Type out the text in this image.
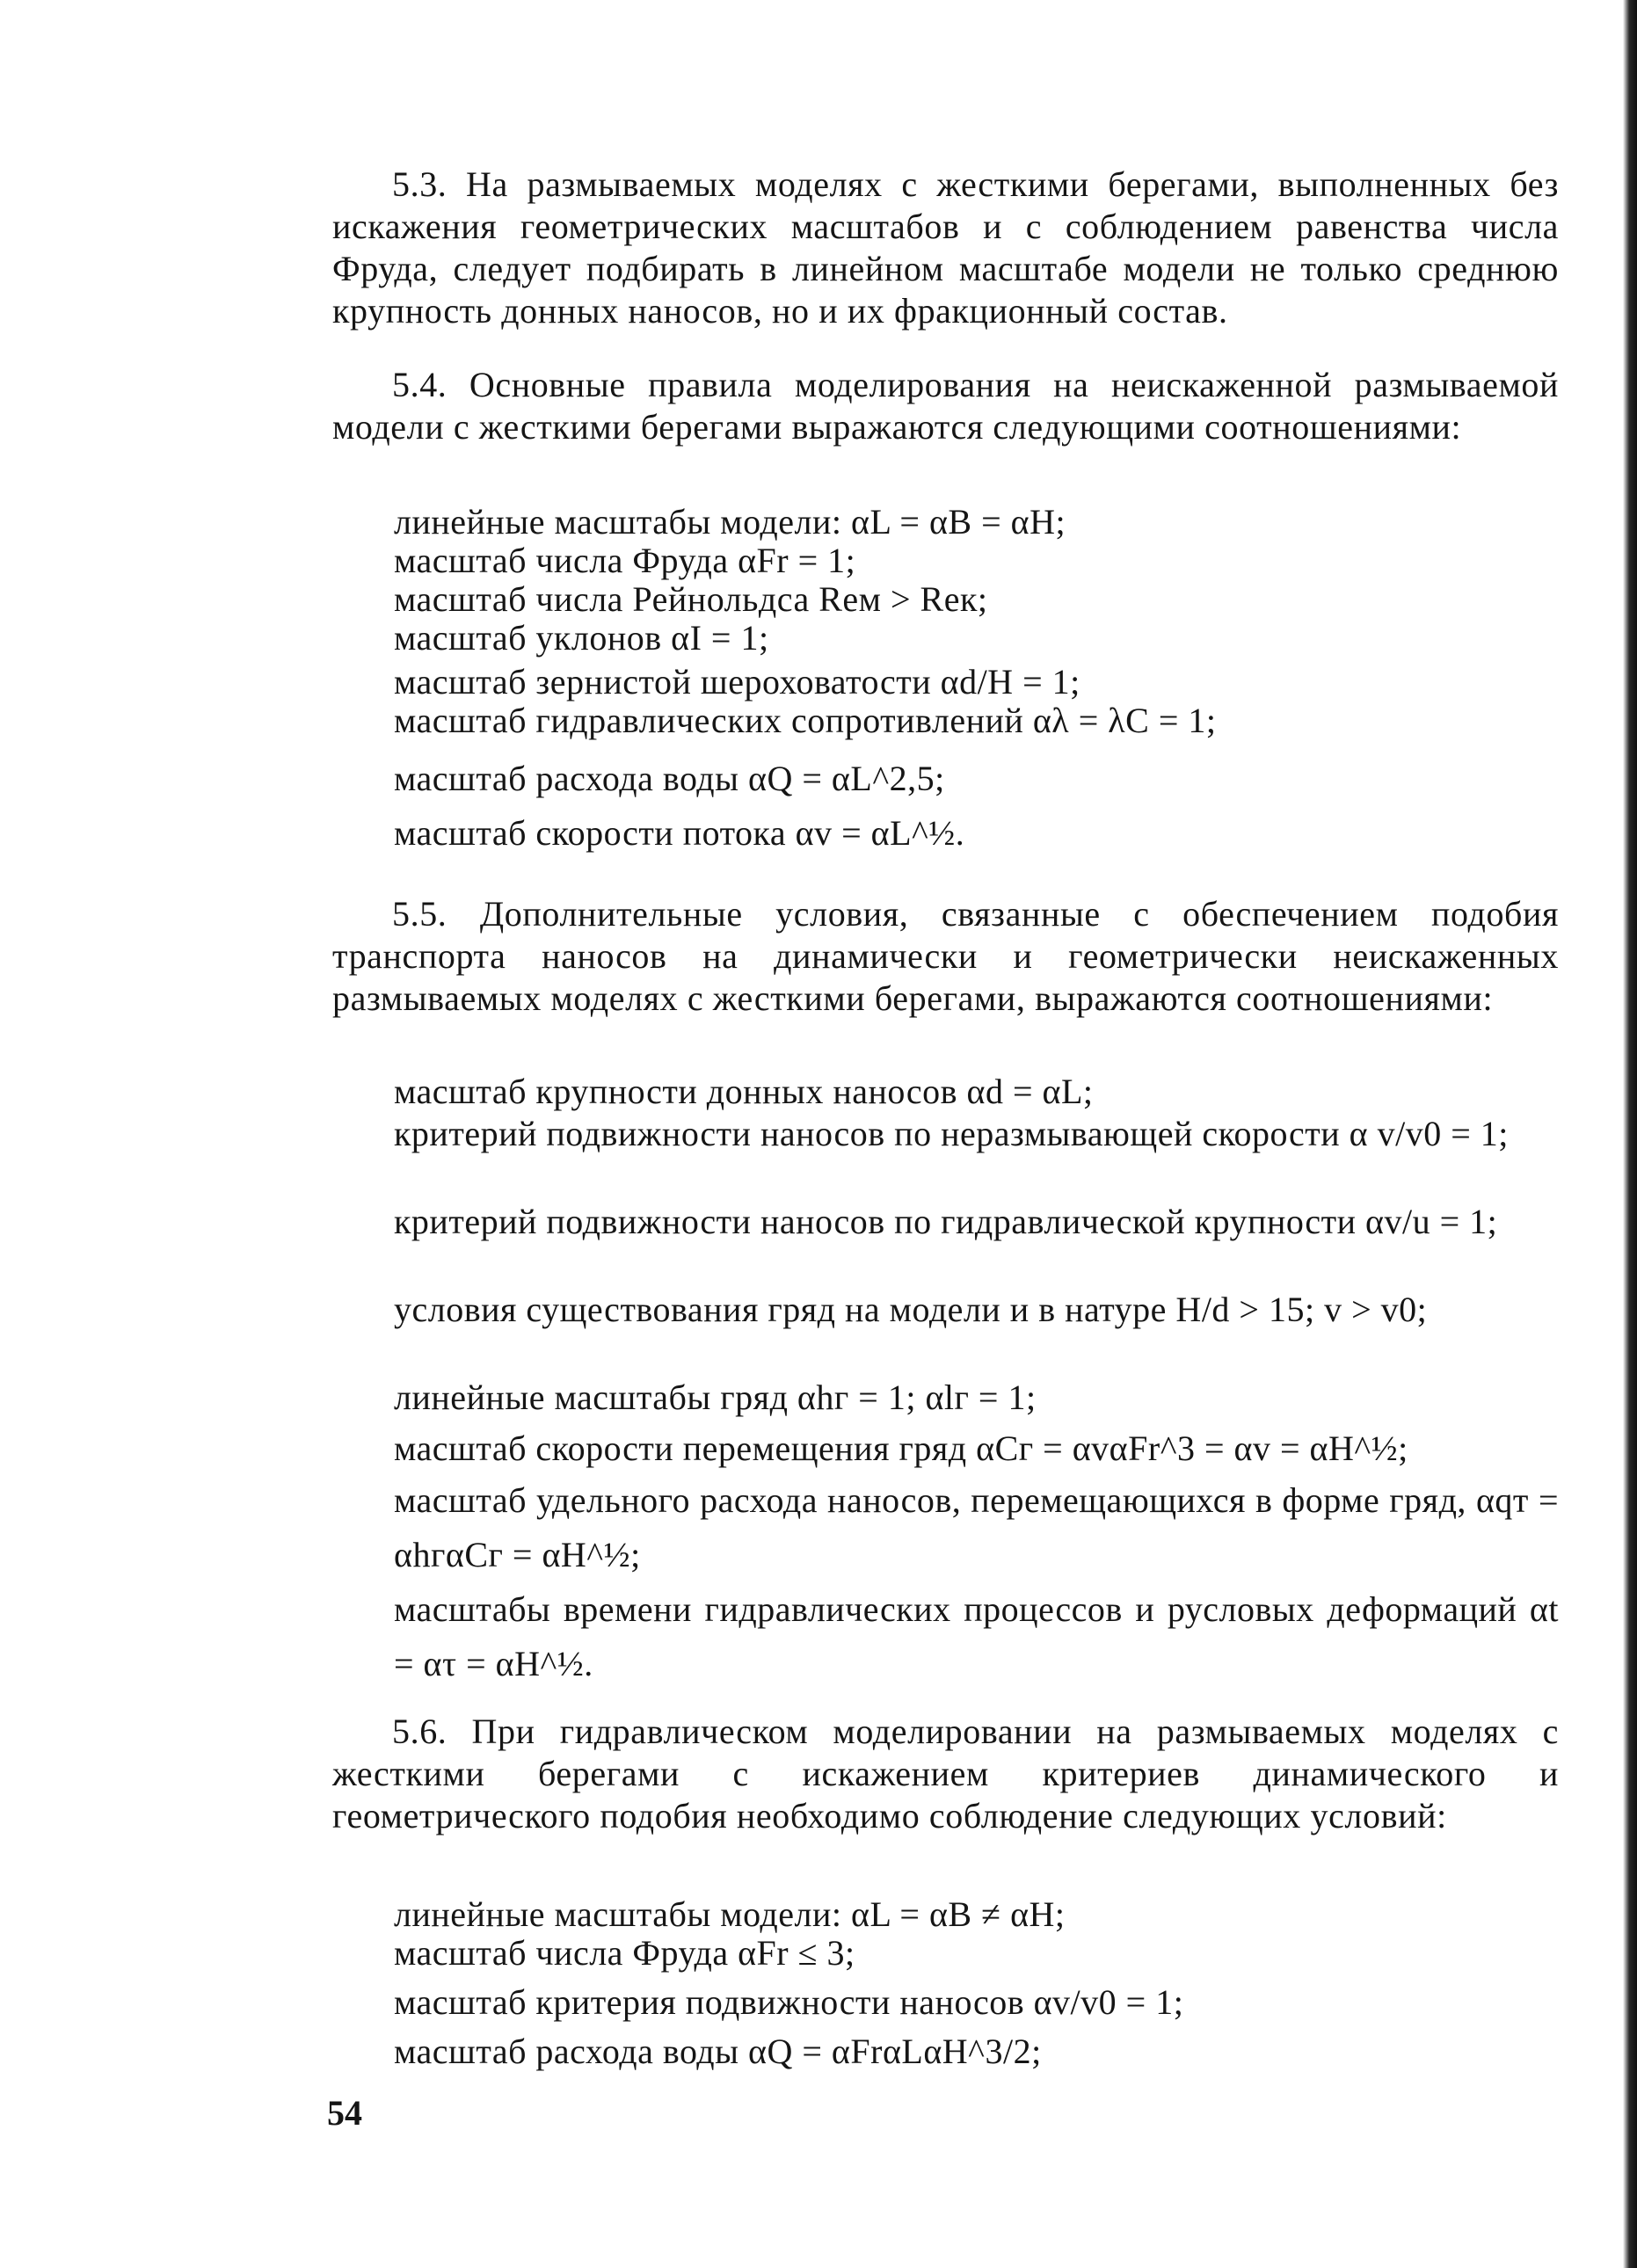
5.3. На размываемых моделях с жесткими берегами, выполненных без искажения геометрических масштабов и с соблюдением равенства числа Фруда, следует подбирать в линейном масштабе модели не только среднюю крупность донных наносов, но и их фракционный состав.

5.4. Основные правила моделирования на неискаженной размываемой модели с жесткими берегами выражаются следующими соотношениями:

линейные масштабы модели: αL = αB = αH;

масштаб числа Фруда αFr = 1;

масштаб числа Рейнольдса Reм > Reк;

масштаб уклонов αI = 1;

масштаб зернистой шероховатости αd/H = 1;

масштаб гидравлических сопротивлений αλ = λC = 1;

масштаб расхода воды αQ = αL^2,5;

масштаб скорости потока αv = αL^½.

5.5. Дополнительные условия, связанные с обеспечением подобия транспорта наносов на динамически и геометрически неискаженных размываемых моделях с жесткими берегами, выражаются соотношениями:

масштаб крупности донных наносов αd = αL;

критерий подвижности наносов по неразмывающей скорости α v/v0 = 1;

критерий подвижности наносов по гидравлической крупности αv/u = 1;

условия существования гряд на модели и в натуре H/d > 15; v > v0;

линейные масштабы гряд αhг = 1; αlг = 1;

масштаб скорости перемещения гряд αCг = αvαFr^3 = αv = αH^½;

масштаб удельного расхода наносов, перемещающихся в форме гряд, αqт = αhгαCг = αH^½;

масштабы времени гидравлических процессов и русловых деформаций αt = ατ = αH^½.

5.6. При гидравлическом моделировании на размываемых моделях с жесткими берегами с искажением критериев динамического и геометрического подобия необходимо соблюдение следующих условий:

линейные масштабы модели: αL = αB ≠ αH;

масштаб числа Фруда αFr ≤ 3;

масштаб критерия подвижности наносов αv/v0 = 1;

масштаб расхода воды αQ = αFrαLαH^3/2;

54
